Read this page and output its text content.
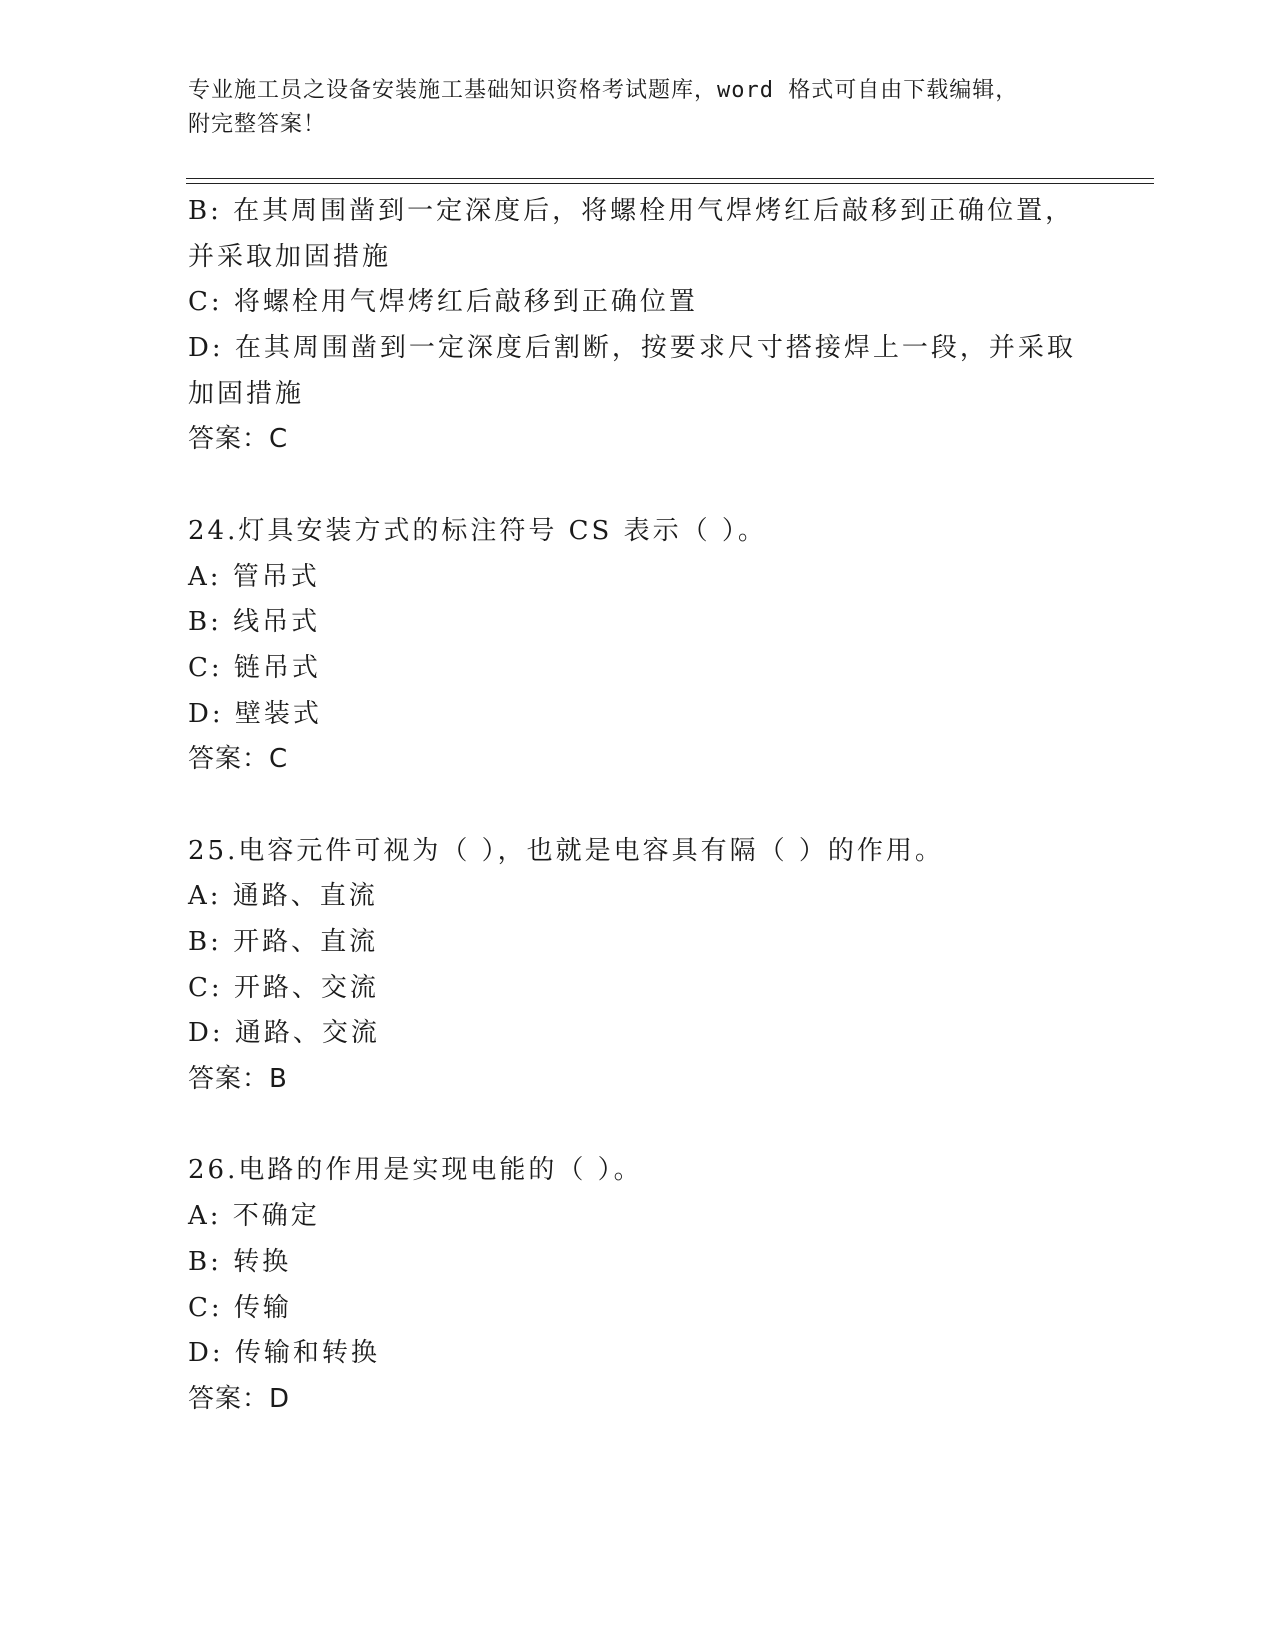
专业施工员之设备安装施工基础知识资格考试题库，word 格式可自由下载编辑，
附完整答案！
B: 在其周围凿到一定深度后，将螺栓用气焊烤红后敲移到正确位置，
并采取加固措施
C: 将螺栓用气焊烤红后敲移到正确位置
D: 在其周围凿到一定深度后割断，按要求尺寸搭接焊上一段，并采取
加固措施
答案：C
24.灯具安装方式的标注符号 CS 表示（ ）。
A: 管吊式
B: 线吊式
C: 链吊式
D: 壁装式
答案：C
25.电容元件可视为（ ），也就是电容具有隔（ ）的作用。
A: 通路、直流
B: 开路、直流
C: 开路、交流
D: 通路、交流
答案：B
26.电路的作用是实现电能的（ ）。
A: 不确定
B: 转换
C: 传输
D: 传输和转换
答案：D
